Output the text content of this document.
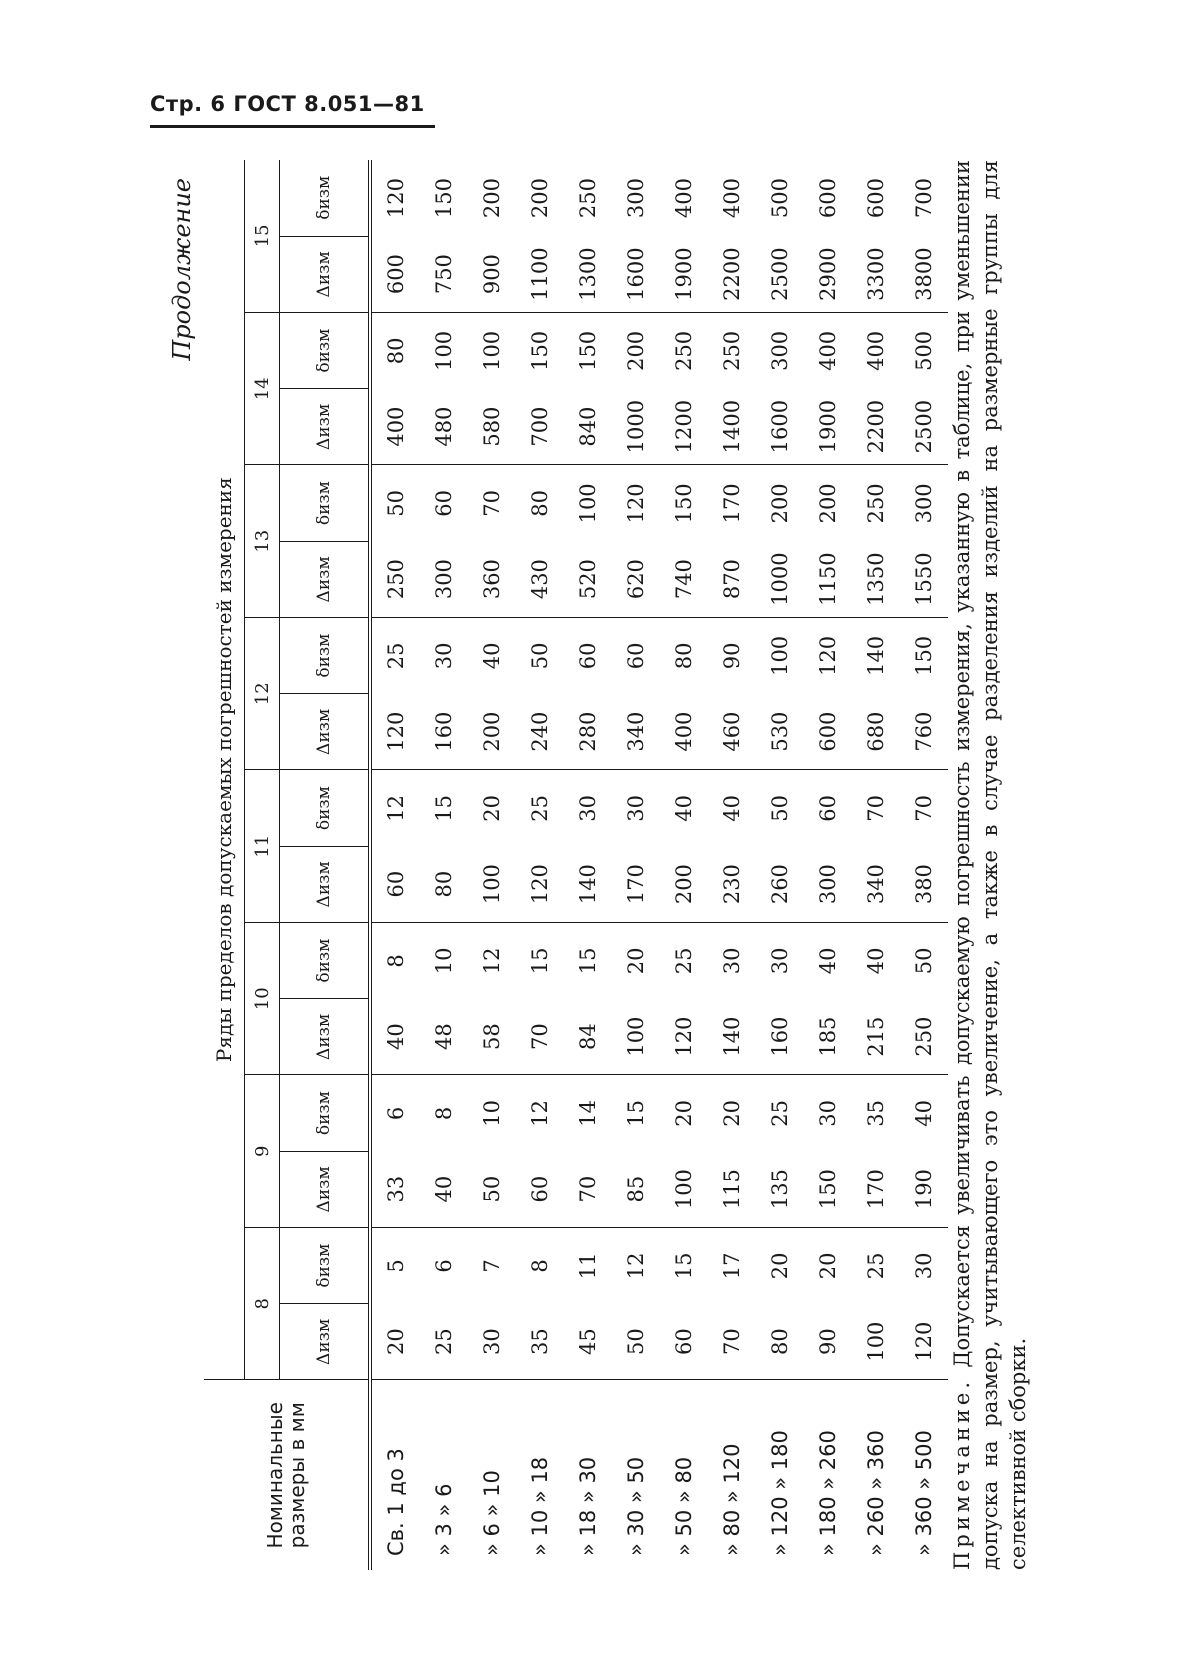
Стр. 6 ГОСТ 8.051—81
Продолжение
Номинальные размеры в мм	Ряды пределов допускаемых погрешностей измерения															
	8		9		10		11		12		13		14		15	
	Δизм	δизм	Δизм	δизм	Δизм	δизм	Δизм	δизм	Δизм	δизм	Δизм	δизм	Δизм	δизм	Δизм	δизм

Св. 1 до 3	20	5	33	6	40	8	60	12	120	25	250	50	400	80	600	120
» 3 » 6	25	6	40	8	48	10	80	15	160	30	300	60	480	100	750	150
» 6 » 10	30	7	50	10	58	12	100	20	200	40	360	70	580	100	900	200
» 10 » 18	35	8	60	12	70	15	120	25	240	50	430	80	700	150	1100	200
» 18 » 30	45	11	70	14	84	15	140	30	280	60	520	100	840	150	1300	250
» 30 » 50	50	12	85	15	100	20	170	30	340	60	620	120	1000	200	1600	300
» 50 » 80	60	15	100	20	120	25	200	40	400	80	740	150	1200	250	1900	400
» 80 » 120	70	17	115	20	140	30	230	40	460	90	870	170	1400	250	2200	400
» 120 » 180	80	20	135	25	160	30	260	50	530	100	1000	200	1600	300	2500	500
» 180 » 260	90	20	150	30	185	40	300	60	600	120	1150	200	1900	400	2900	600
» 260 » 360	100	25	170	35	215	40	340	70	680	140	1350	250	2200	400	3300	600
» 360 » 500	120	30	190	40	250	50	380	70	760	150	1550	300	2500	500	3800	700
Примечание. Допускается увеличивать допускаемую погрешность измерения, указанную в таблице, при уменьшении допуска на размер, учитывающего это увеличение, а также в случае разделения изделий на размерные группы для селективной сборки.
